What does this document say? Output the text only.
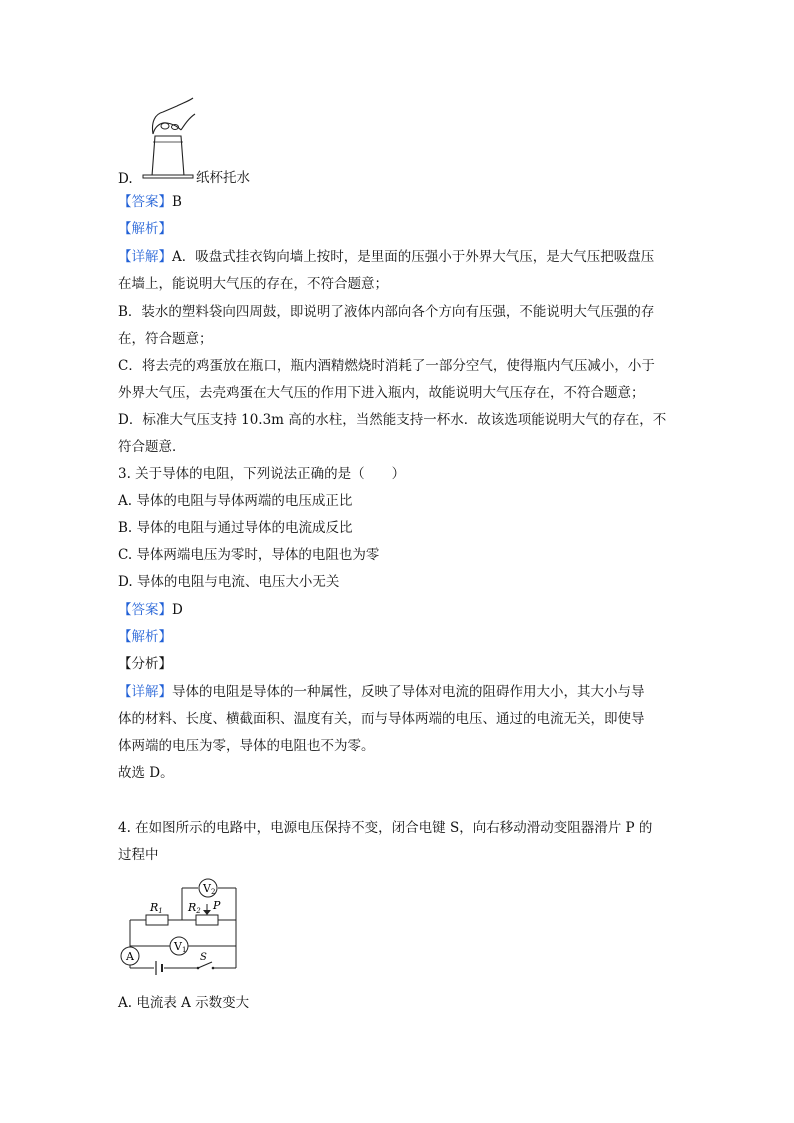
D.	纸杯托水
【答案】B
【解析】
【详解】A．吸盘式挂衣钩向墙上按时，是里面的压强小于外界大气压，是大气压把吸盘压
在墙上，能说明大气压的存在，不符合题意；
B．装水的塑料袋向四周鼓，即说明了液体内部向各个方向有压强，不能说明大气压强的存
在，符合题意；
C．将去壳的鸡蛋放在瓶口，瓶内酒精燃烧时消耗了一部分空气，使得瓶内气压减小，小于
外界大气压，去壳鸡蛋在大气压的作用下进入瓶内，故能说明大气压存在，不符合题意；
D．标准大气压支持 10.3m 高的水柱，当然能支持一杯水．故该选项能说明大气的存在，不
符合题意．
3. 关于导体的电阻，下列说法正确的是（　　）
A. 导体的电阻与导体两端的电压成正比
B. 导体的电阻与通过导体的电流成反比
C. 导体两端电压为零时，导体的电阻也为零
D. 导体的电阻与电流、电压大小无关
【答案】D
【解析】
【分析】
【详解】导体的电阻是导体的一种属性，反映了导体对电流的阻碍作用大小，其大小与导
体的材料、长度、横截面积、温度有关，而与导体两端的电压、通过的电流无关，即使导
体两端的电压为零，导体的电阻也不为零。
故选 D。
4. 在如图所示的电路中，电源电压保持不变，闭合电键 S，向右移动滑动变阻器滑片 P 的
过程中
V2
V1
A
R1 R2 P
S
A. 电流表 A 示数变大
